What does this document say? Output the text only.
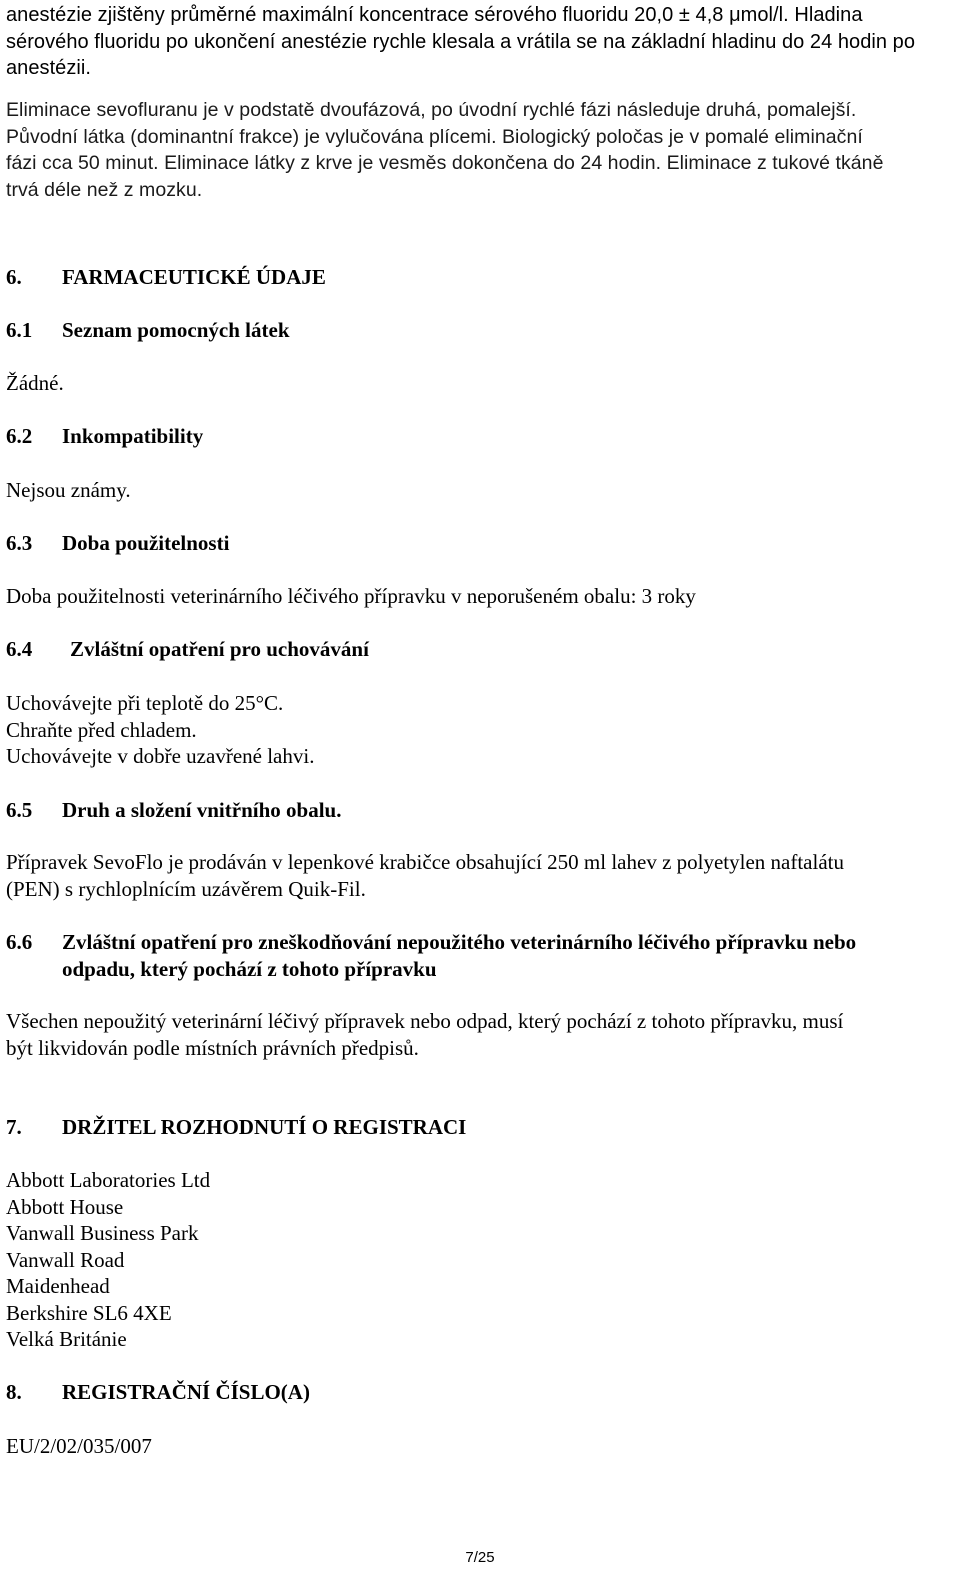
anestézie zjištěny průměrné maximální koncentrace sérového fluoridu 20,0 ± 4,8 μmol/l. Hladina
sérového fluoridu po ukončení anestézie rychle klesala a vrátila se na základní hladinu do 24 hodin po
anestézii.
Eliminace sevofluranu je v podstatě dvoufázová, po úvodní rychlé fázi následuje druhá, pomalejší.
Původní látka (dominantní frakce) je vylučována plícemi. Biologický poločas je v pomalé eliminační
fázi cca 50 minut. Eliminace látky z krve je vesměs dokončena do 24 hodin. Eliminace z tukové tkáně
trvá déle než z mozku.
6. FARMACEUTICKÉ ÚDAJE
6.1 Seznam pomocných látek
Žádné.
6.2 Inkompatibility
Nejsou známy.
6.3 Doba použitelnosti
Doba použitelnosti veterinárního léčivého přípravku v neporušeném obalu: 3 roky
6.4 Zvláštní opatření pro uchovávání
Uchovávejte při teplotě do 25°C.
Chraňte před chladem.
Uchovávejte v dobře uzavřené lahvi.
6.5 Druh a složení vnitřního obalu.
Přípravek SevoFlo je prodáván v lepenkové krabičce obsahující 250 ml lahev z polyetylen naftalátu
(PEN) s rychloplnícím uzávěrem Quik-Fil.
6.6 Zvláštní opatření pro zneškodňování nepoužitého veterinárního léčivého přípravku nebo
odpadu, který pochází z tohoto přípravku
Všechen nepoužitý veterinární léčivý přípravek nebo odpad, který pochází z tohoto přípravku, musí
být likvidován podle místních právních předpisů.
7. DRŽITEL ROZHODNUTÍ O REGISTRACI
Abbott Laboratories Ltd
Abbott House
Vanwall Business Park
Vanwall Road
Maidenhead
Berkshire SL6 4XE
Velká Británie
8. REGISTRAČNÍ ČÍSLO(A)
EU/2/02/035/007
7/25
